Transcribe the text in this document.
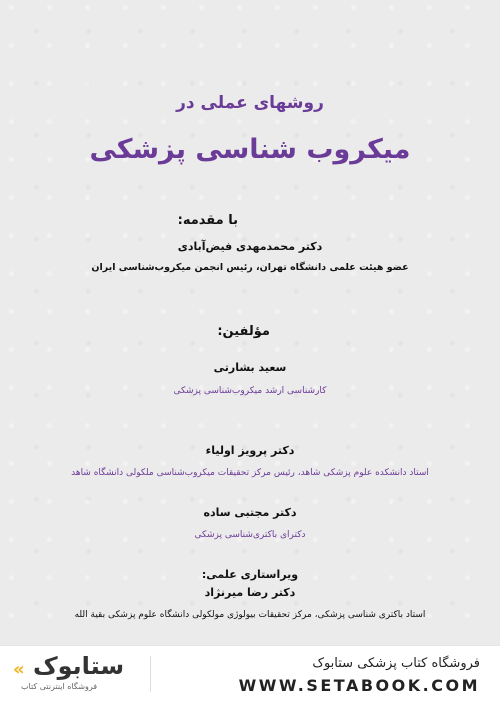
روشهای عملی در
میکروب شناسی پزشکی
با مقدمه:
دکتر محمدمهدی فیض‌آبادی
عضو هیئت علمی دانشگاه تهران، رئیس انجمن میکروب‌شناسی ایران
مؤلفین:
سعید بشارتی
کارشناسی ارشد میکروب‌شناسی پزشکی
دکتر پرویز اولیاء
استاد دانشکده علوم پزشکی شاهد، رئیس مرکز تحقیقات میکروب‌شناسی ملکولی دانشگاه شاهد
دکتر مجتبی ساده
دکترای باکتری‌شناسی پزشکی
ویراستاری علمی:
دکتر رضا میرنژاد
استاد باکتری شناسی پزشکی، مرکز تحقیقات بیولوژی مولکولی دانشگاه علوم پزشکی بقیة الله
« ستابوک
فروشگاه اینترنتی کتاب
فروشگاه کتاب پزشکی ستابوک
WWW.SETABOOK.COM
